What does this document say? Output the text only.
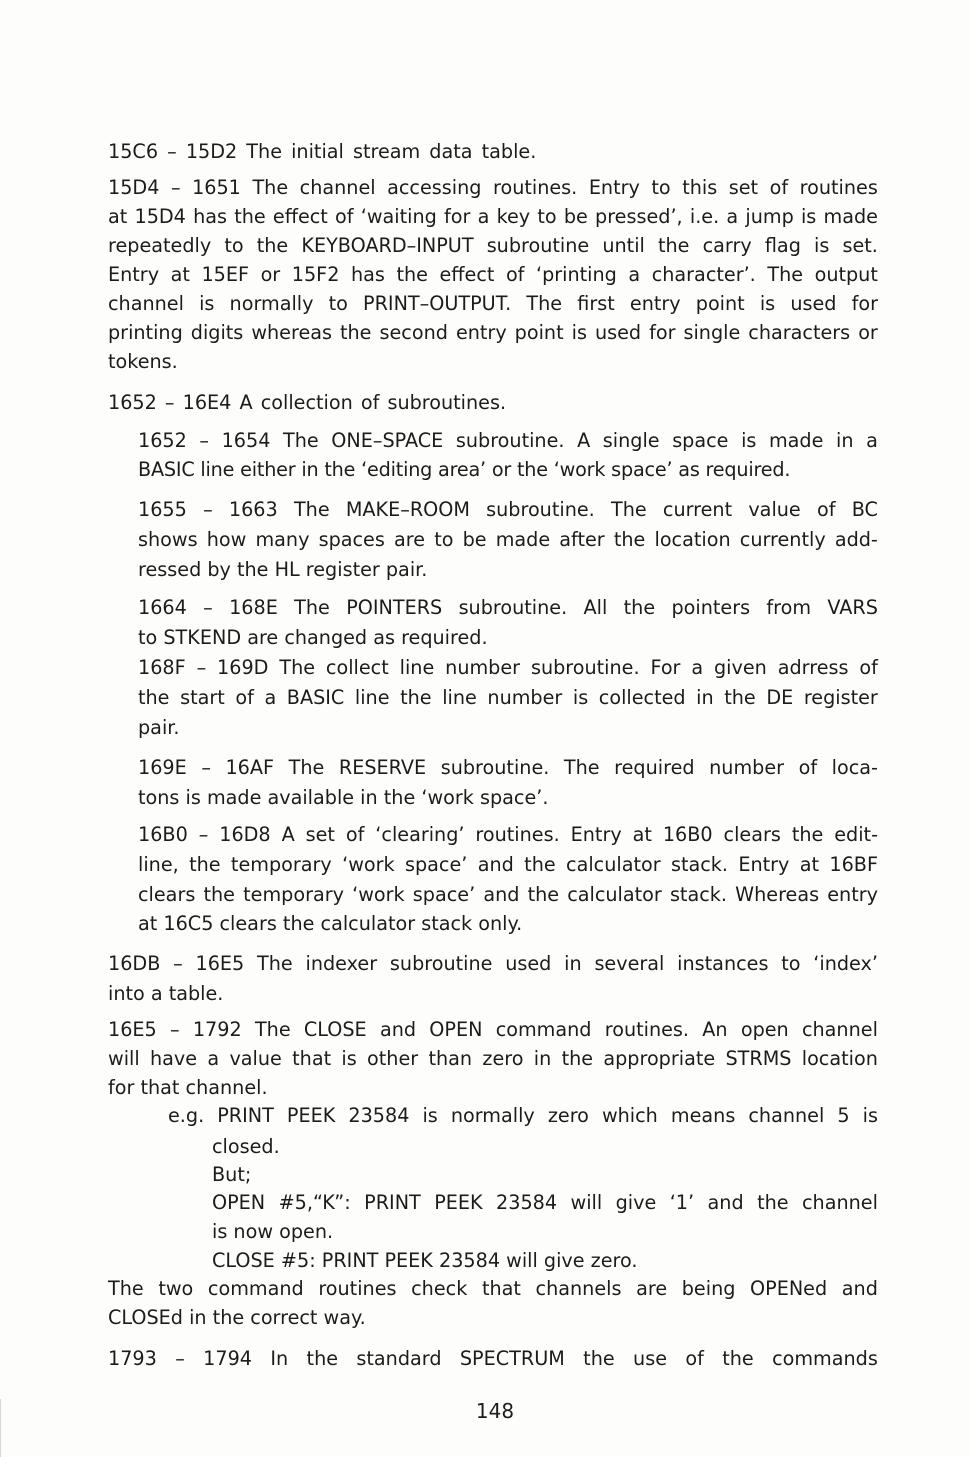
15C6 – 15D2 The initial stream data table.
15D4 – 1651 The channel accessing routines. Entry to this set of routines
at 15D4 has the effect of ‘waiting for a key to be pressed’, i.e. a jump is made
repeatedly to the KEYBOARD–INPUT subroutine until the carry flag is set.
Entry at 15EF or 15F2 has the effect of ‘printing a character’. The output
channel is normally to PRINT–OUTPUT. The first entry point is used for
printing digits whereas the second entry point is used for single characters or
tokens.
1652 – 16E4 A collection of subroutines.
1652 – 1654 The ONE–SPACE subroutine. A single space is made in a
BASIC line either in the ‘editing area’ or the ‘work space’ as required.
1655 – 1663 The MAKE–ROOM subroutine. The current value of BC
shows how many spaces are to be made after the location currently add-
ressed by the HL register pair.
1664 – 168E The POINTERS subroutine. All the pointers from VARS
to STKEND are changed as required.
168F – 169D The collect line number subroutine. For a given adrress of
the start of a BASIC line the line number is collected in the DE register
pair.
169E – 16AF The RESERVE subroutine. The required number of loca-
tons is made available in the ‘work space’.
16B0 – 16D8 A set of ‘clearing’ routines. Entry at 16B0 clears the edit-
line, the temporary ‘work space’ and the calculator stack. Entry at 16BF
clears the temporary ‘work space’ and the calculator stack. Whereas entry
at 16C5 clears the calculator stack only.
16DB – 16E5 The indexer subroutine used in several instances to ‘index’
into a table.
16E5 – 1792 The CLOSE and OPEN command routines. An open channel
will have a value that is other than zero in the appropriate STRMS location
for that channel.
e.g. PRINT PEEK 23584 is normally zero which means channel 5 is
closed.
But;
OPEN #5,“K”: PRINT PEEK 23584 will give ‘1’ and the channel
is now open.
CLOSE #5: PRINT PEEK 23584 will give zero.
The two command routines check that channels are being OPENed and
CLOSEd in the correct way.
1793 – 1794 In the standard SPECTRUM the use of the commands
148
